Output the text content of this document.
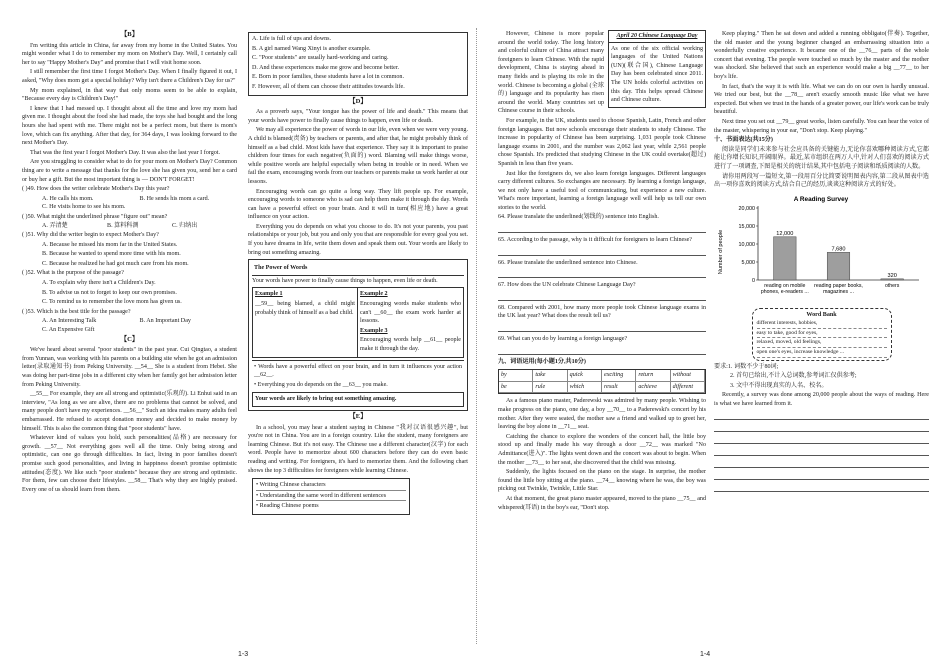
【B】

I'm writing this article in China, far away from my home in the United States. You might wonder what I do to remember my mom on Mother's Day. Well, I certainly call her to say "Happy Mother's Day" and promise that I will visit home soon.

I still remember the first time I forgot Mother's Day. When I finally figured it out, I asked, "Why does mom get a special holiday? Why isn't there a Children's Day for us?"

My mom explained, in that way that only moms seem to be able to explain, "Because every day is Children's Day!"

I knew that I had messed up. I thought about all the time and love my mom had given me. I thought about the food she had made, the toys she had bought and the long hours she had spent with me. There might not be a perfect mom, but there is mom's love, which can fix anything. After that day, for 364 days, I was looking forward to the next Mother's Day.

That was the first year I forgot Mother's Day. It was also the last year I forgot.

Are you struggling to consider what to do for your mom on Mother's Day? Common thing are to write a message that thanks for the love she has given you, send her a card or buy her a gift. But the most important thing is — DON'T FORGET!

( )49. How does the writer celebrate Mother's Day this year?

A. He calls his mom.	B. He sends his mom a card.

C. He visits home to see his mom.

( )50. What might the underlined phrase "figure out" mean?

A. 弄清楚	B. 算料科测	C. 归纳出

( )51. Why did the writer begin to expect Mother's Day?

A. Because he missed his mom far in the United States.

B. Because he wanted to spend more time with his mom.

C. Because he realized he had got much care from his mom.

( )52. What is the purpose of the passage?

A. To explain why there isn't a Children's Day.

B. To advise us not to forget to keep our own promises.

C. To remind us to remember the love mom has given us.

( )53. Which is the best title for the passage?

A. An Interesting Talk	B. An Important Day

C. An Expensive Gift

【C】

We've heard about several "poor students" in the past year. Cui Qingtao, a student from Yunnan, was working with his parents on a building site when he got an admission letter(录取通知书) from Peking University. __54__ She is a student from Hebei. She was doing her part-time jobs in a different city when her family got her admission letter from Peking University.

__55__ For example, they are all strong and optimistic(乐观的). Li Enhui said in an interview, "As long as we are alive, there are no problems that cannot be solved, and many people don't have my experiences. __56__" Such an idea makes many adults feel embarrassed. He refused to accept donation money and decided to make money by himself. This is also the common thing that "poor students" have.

Whatever kind of values you hold, such personalities(品格) are necessary for growth. __57__ Not everything goes well all the time. Only being strong and optimistic, can one go through difficulties. In fact, living in poor families doesn't promise such good personalities, and living in happiness doesn't promise optimistic attitudes(态度). We like such "poor students" because they are strong and optimistic. For them, few can choose their lifestyles. __58__ That's why they are highly praised. Every one of us should learn from them.

A. Life is full of ups and downs.

B. A girl named Wang Xinyi is another example.

C. "Poor students" are usually hard-working and caring.

D. And these experiences make me grow and become better.

E. Born in poor families, these students have a lot in common.

F. However, all of them can choose their attitudes towards life.

【D】

As a proverb says, "Your tongue has the power of life and death." This means that your words have power to finally cause things to happen, even life or death.

We may all experience the power of words in our life, even when we were very young. A child is blamed(责备) by teachers or parents, and after that, he might probably think of himself as a bad child. Most kids have that experience. They say it is important to praise children four times for each negative(负面的) word. Blaming will make things worse, while positive words are helpful especially when being in trouble or in need. When we fail the exam, encouraging words from our teachers or parents make us work harder at our lessons.

Encouraging words can go quite a long way. They lift people up. For example, encouraging words to someone who is sad can help them make it through the day. Words can have a powerful effect on your brain. And it will in turn(相应地) have a great influence on your action.

Everything you do depends on what you choose to do. It's not your parents, you past relationships or your job, but you and only you that are responsible for every goal you set. If you have dreams in life, write them down and speak them out. Your words are likely to bring out something amazing.

The Power of Words

Your words have power to finally cause things to happen, even life or death.

Example 1

__59__ being blamed, a child might probably think of himself as a bad child.

Example 2

Encouraging words make students who can't __60__ the exam work harder at lessons.

Example 3

Encouraging words help __61__ people make it through the day.

• Words have a powerful effect on your brain, and in turn it influences your action __62__.

• Everything you do depends on the __63__ you make.

Your words are likely to bring out something amazing.

【E】

In a school, you may hear a student saying in Chinese "我对汉语很感兴趣", but you're not in China. You are in a foreign country. Like the student, many foreigners are learning Chinese. But it's not easy. The Chinese use a different character(汉字) for each word. People have to memorize about 600 characters before they can do even basic reading and writing. For foreigners, it's hard to memorize them. And the following chart shows the top 3 difficulties for foreigners while learning Chinese.

• Writing Chinese characters

• Understanding the same word in different sentences

• Reading Chinese poems

April 20 Chinese Language Day

As one of the six official working languages of the United Nations (UN)(联合国), Chinese Language Day has been celebrated since 2011. The UN holds colorful activities on this day. This helps spread Chinese and Chinese culture.

However, Chinese is more popular around the world today. The long history and colorful culture of China attract many foreigners to learn Chinese. With the rapid development, China is staying ahead in many fields and is playing its role in the world. Chinese is becoming a global (全球的) language and its popularity has risen around the world. Many countries set up Chinese course in their schools.

For example, in the UK, students used to choose Spanish, Latin, French and other foreign languages. But now schools encourage their students to study Chinese. The increase in popularity of Chinese has been surprising. 1,031 people took Chinese language exams in 2001, and the number was 2,062 last year, while 2,561 people chose Spanish. It's predicted that studying Chinese in the UK could overtake(超过) Spanish in less than five years.

Just like the foreigners do, we also learn foreign languages. Different languages carry different cultures. So exchanges are necessary. By learning a foreign language, we not only have a useful tool of communicating, but experience a new culture. What's more important, learning a foreign language well will help us tell our own stories to the world.

64. Please translate the underlined(划线的) sentence into English.

65. According to the passage, why is it difficult for foreigners to learn Chinese?

66. Please translate the underlined sentence into Chinese.

67. How does the UN celebrate Chinese Language Day?

68. Compared with 2001, how many more people took Chinese language exams in the UK last year? What does the result tell us?

69. What can you do by learning a foreign language?

九、词语运用(每小题1分,共10分)

by	take	quick	exciting	return	without
be	rule	which	result	achieve	different

As a famous piano master, Paderewski was admired by many people. Wishing to make progress on the piano, one day, a boy __70__ to a Paderewski's concert by his mother. After they were seated, the mother saw a friend and walked up to greet her, leaving the boy alone in __71__ seat.

Catching the chance to explore the wonders of the concert hall, the little boy stood up and finally made his way through a door __72__ was marked "No Admittance(进入)". The lights went down and the concert was about to begin. When the mother __73__ to her seat, she discovered that the child was missing.

Suddenly, the lights focused on the piano on the stage. In surprise, the mother found the little boy sitting at the piano. __74__ knowing where he was, the boy was picking out Twinkle, Twinkle, Little Star.

At that moment, the great piano master appeared, moved to the piano __75__ and whispered(耳语) in the boy's ear, "Don't stop.

Keep playing." Then he sat down and added a running obbligato(伴奏). Together, the old master and the young beginner changed an embarrassing situation into a wonderfully creative experience. It became one of the __76__ parts of the whole concert that evening. The people were touched so much by the master and the mother was shocked. She believed that such an experience would make a big __77__ to her boy's life.

In fact, that's the way it is with life. What we can do on our own is hardly unusual. We tried our best, but the __78__ aren't exactly smooth music like what we have expected. But when we trust in the hands of a greater power, our life's work can be truly beautiful.

Next time you set out __79__ great works, listen carefully. You can hear the voice of the master, whispering in your ear, "Don't stop. Keep playing."

十、书面表达(共15分)

阅读是同学们未来参与社会应具备的关键能力,无论你喜欢哪种阅读方式,它都能让你增长知识,开阔眼界。最近,某市组织在两万人中,针对人们喜欢的阅读方式进行了一项调查,下图是相关的统计结果,其中包括电子阅读和纸质阅读的人数。

请你用两段写一篇短文,第一段用百分比简要说明图表内容,第二段从图表中选出一项你喜欢的阅读方式,结合自己的经历,谈谈这种阅读方式的好处。

A Reading Survey
Number of people
0
5,000
10,000
15,000
20,000
12,000
reading on mobile
phones, e-readers ...
7,680
reading paper books,
magazines ...
320
others
Word Bank
different interests, hobbies,
easy to take, good for eyes,
relaxed, moved, old feelings,
open one's eyes, increase knowledge ...

要求:1. 词数不少于80词;

2. 首句已给出,不计入总词数,参考词汇仅供参考;

3. 文中不得出现真实的人名、校名。

Recently, a survey was done among 20,000 people about the ways of reading. Here is what we have learned from it.

1-3	1-4
